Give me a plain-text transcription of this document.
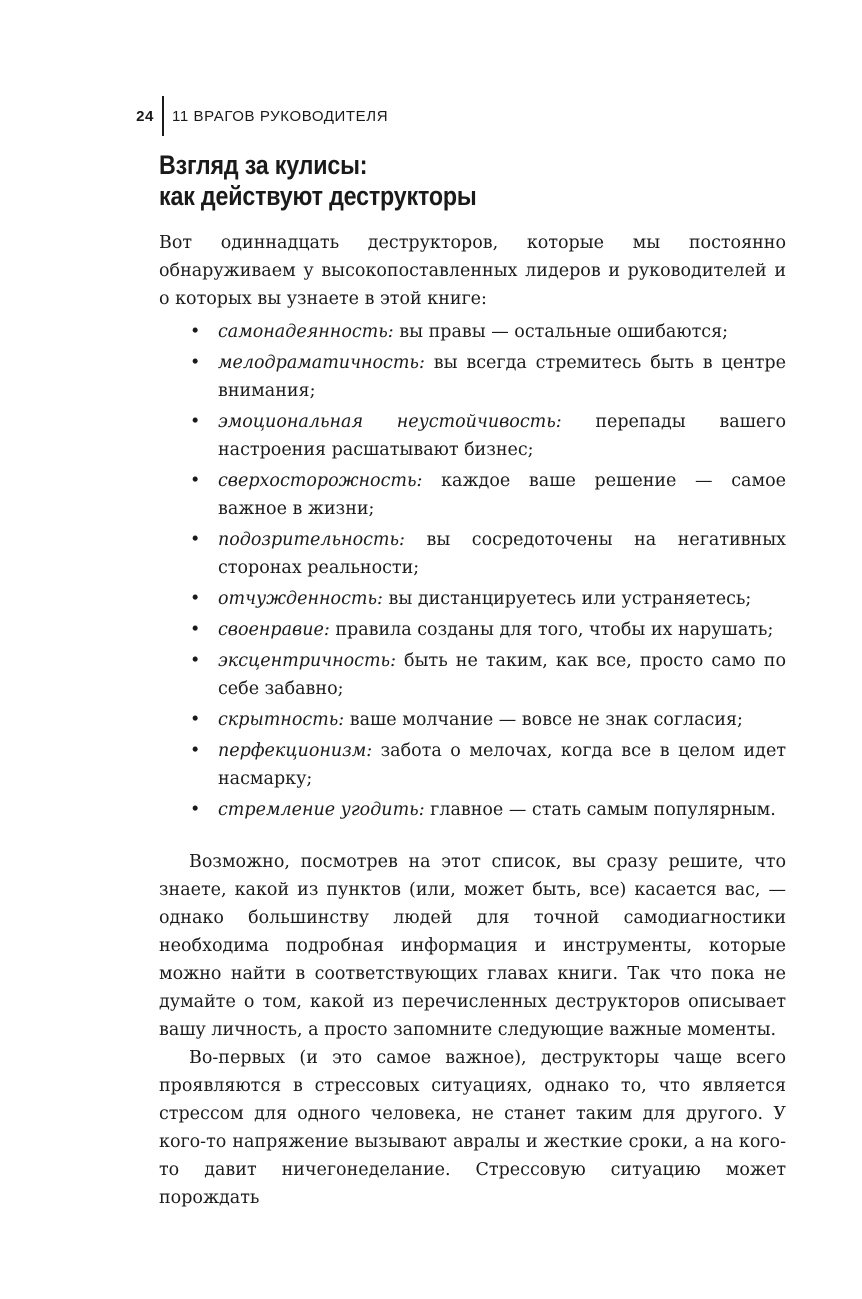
24 11 ВРАГОВ РУКОВОДИТЕЛЯ
Взгляд за кулисы:
как действуют деструкторы

Вот одиннадцать деструкторов, которые мы постоянно обнаруживаем у высокопоставленных лидеров и руководителей и о которых вы узнаете в этой книге:

• самонадеянность: вы правы — остальные ошибаются;
• мелодраматичность: вы всегда стремитесь быть в центре внимания;
• эмоциональная неустойчивость: перепады вашего настроения расшатывают бизнес;
• сверхосторожность: каждое ваше решение — самое важное в жизни;
• подозрительность: вы сосредоточены на негативных сторонах реальности;
• отчужденность: вы дистанцируетесь или устраняетесь;
• своенравие: правила созданы для того, чтобы их нарушать;
• эксцентричность: быть не таким, как все, просто само по себе забавно;
• скрытность: ваше молчание — вовсе не знак согласия;
• перфекционизм: забота о мелочах, когда все в целом идет насмарку;
• стремление угодить: главное — стать самым популярным.

Возможно, посмотрев на этот список, вы сразу решите, что знаете, какой из пунктов (или, может быть, все) касается вас, — однако большинству людей для точной самодиагностики необходима подробная информация и инструменты, которые можно найти в соответствующих главах книги. Так что пока не думайте о том, какой из перечисленных деструкторов описывает вашу личность, а просто запомните следующие важные моменты.

Во-первых (и это самое важное), деструкторы чаще всего проявляются в стрессовых ситуациях, однако то, что является стрессом для одного человека, не станет таким для другого. У кого-то напряжение вызывают авралы и жесткие сроки, а на кого-то давит ничегонеделание. Стрессовую ситуацию может порождать
